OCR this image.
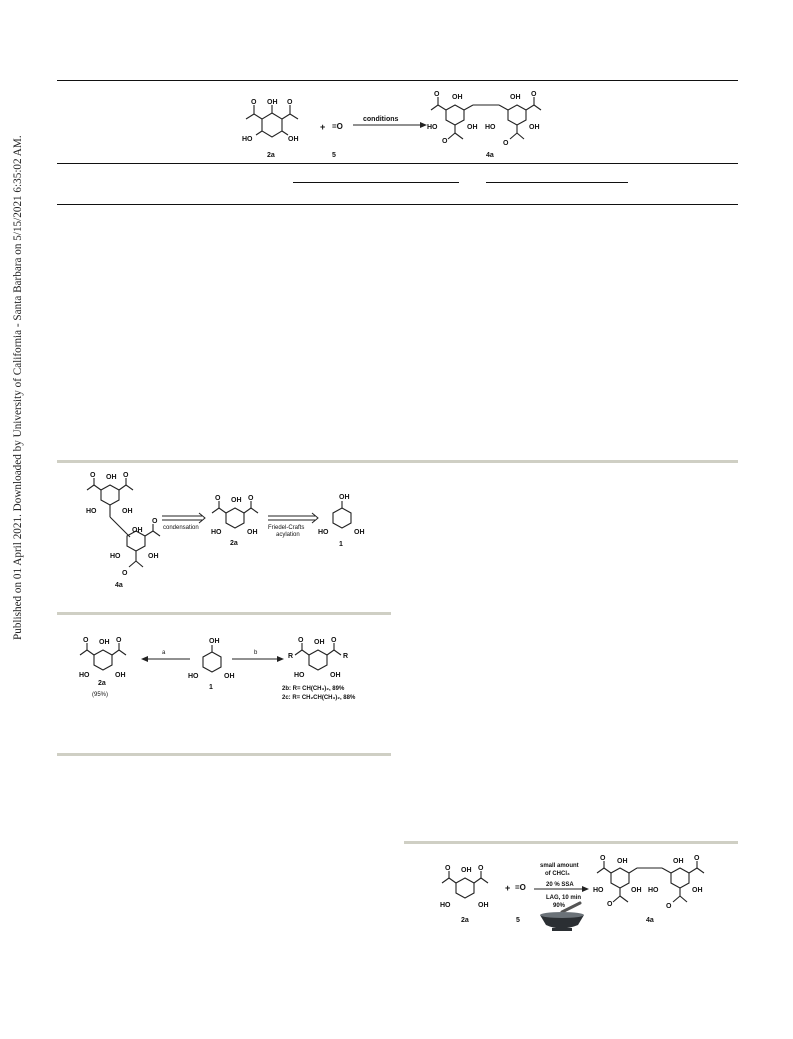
Published on 01 April 2021. Downloaded by University of California - Santa Barbara on 5/15/2021 6:35:02 AM.
O OH O
HO	OH
2a
+ =O
5
conditions
O OH
HO	OH
O
OH O
HO	OH
O
4a
O OH O
HO	OH
OH
O
HO	OH
O
4a
condensation
O OH O
HO	OH
2a
Friedel-Crafts
acylation
OH
HO	OH
1
O OH O
HO	OH
2a
(95%)
a
OH
HO	OH
1
b
O OH O
R	R
HO	OH
2b: R= CH(CH₃)₂, 89%
2c: R= CH₂CH(CH₃)₂, 88%
O OH O
HO	OH
2a
+ =O
5
small amount
of CHCl₃
20 % SSA
LAG, 10 min
90%
O OH
HO	OH
O
OH O
HO	OH
O
4a
